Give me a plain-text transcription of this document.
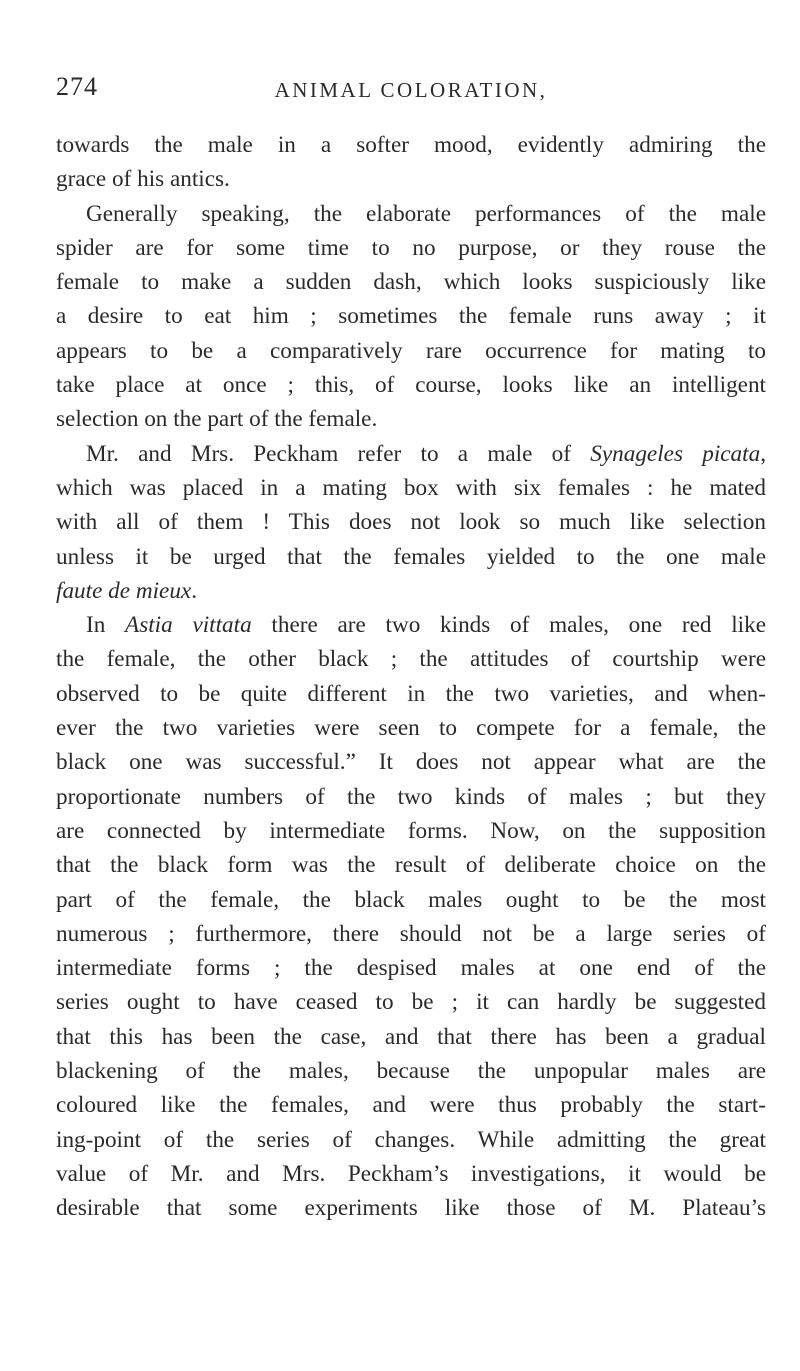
274	ANIMAL COLORATION,
towards the male in a softer mood, evidently admiring the
grace of his antics.
Generally speaking, the elaborate performances of the male
spider are for some time to no purpose, or they rouse the
female to make a sudden dash, which looks suspiciously like
a desire to eat him ; sometimes the female runs away ; it
appears to be a comparatively rare occurrence for mating to
take place at once ; this, of course, looks like an intelligent
selection on the part of the female.
Mr. and Mrs. Peckham refer to a male of Synageles picata,
which was placed in a mating box with six females : he mated
with all of them ! This does not look so much like selection
unless it be urged that the females yielded to the one male
faute de mieux.
In Astia vittata there are two kinds of males, one red like
the female, the other black ; the attitudes of courtship were
observed to be quite different in the two varieties, and when-
ever the two varieties were seen to compete for a female, the
black one was successful.” It does not appear what are the
proportionate numbers of the two kinds of males ; but they
are connected by intermediate forms. Now, on the supposition
that the black form was the result of deliberate choice on the
part of the female, the black males ought to be the most
numerous ; furthermore, there should not be a large series of
intermediate forms ; the despised males at one end of the
series ought to have ceased to be ; it can hardly be suggested
that this has been the case, and that there has been a gradual
blackening of the males, because the unpopular males are
coloured like the females, and were thus probably the start-
ing-point of the series of changes. While admitting the great
value of Mr. and Mrs. Peckham’s investigations, it would be
desirable that some experiments like those of M. Plateau’s
